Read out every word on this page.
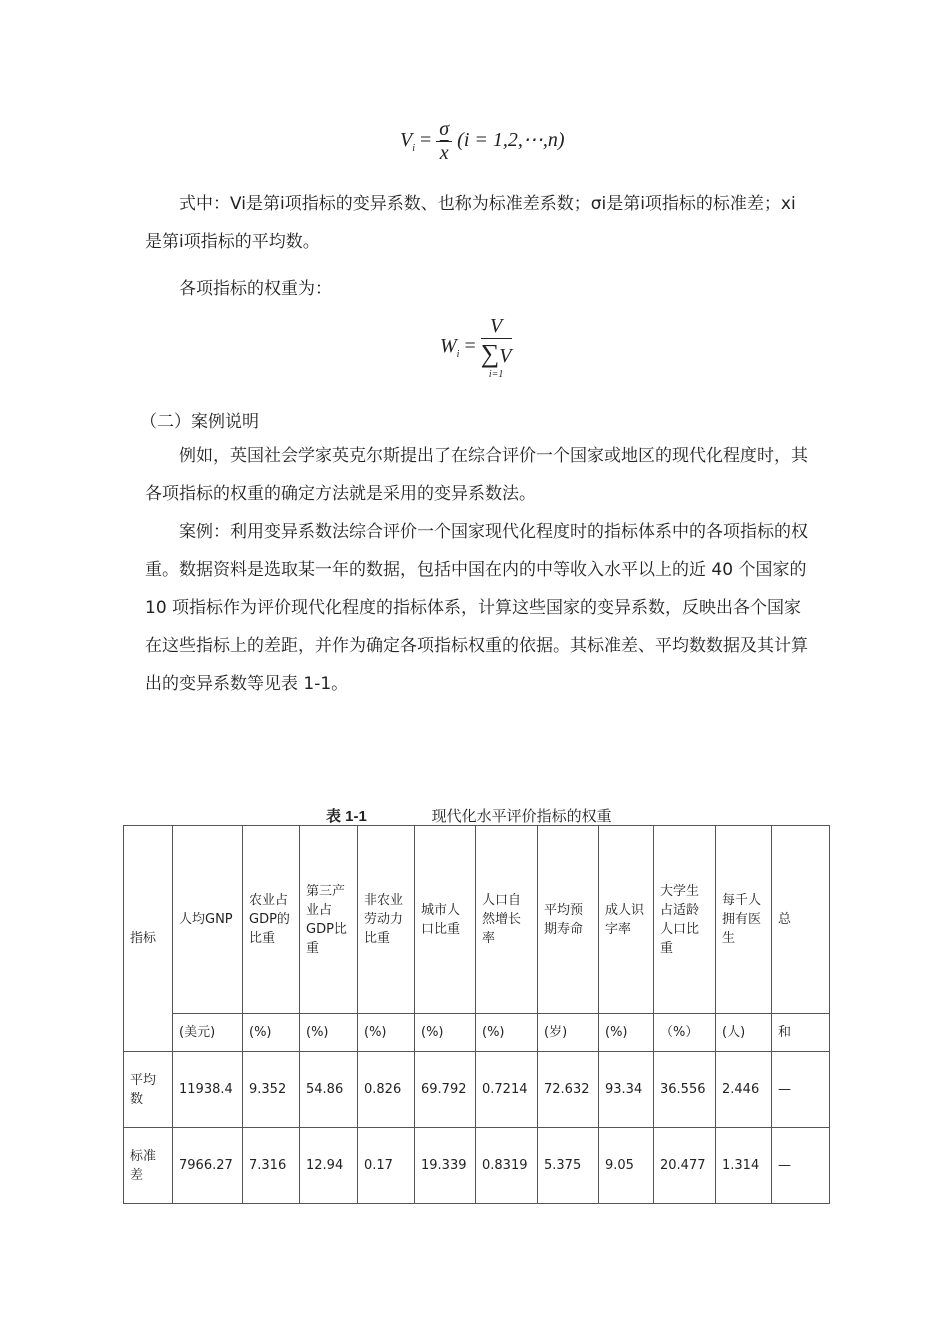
$V_i = \frac{\sigma}{x} (i$ = 1,2,⋯,n)
式中：Vi是第i项指标的变异系数、也称为标准差系数；σi是第i项指标的标准差；xi是第i项指标的平均数。
各项指标的权重为：
$W_i$ =
V
∑V
i=1
（二）案例说明
例如，英国社会学家英克尔斯提出了在综合评价一个国家或地区的现代化程度时，其各项指标的权重的确定方法就是采用的变异系数法。
案例：利用变异系数法综合评价一个国家现代化程度时的指标体系中的各项指标的权重。数据资料是选取某一年的数据，包括中国在内的中等收入水平以上的近 40 个国家的 10 项指标作为评价现代化程度的指标体系，计算这些国家的变异系数，反映出各个国家在这些指标上的差距，并作为确定各项指标权重的依据。其标准差、平均数数据及其计算出的变异系数等见表 1-1。
表 1-1	现代化水平评价指标的权重
指标	人均GNP	农业占GDP的比重	第三产业占GDP比重	非农业劳动力比重	城市人口比重	人口自然增长率	平均预期寿命	成人识字率	大学生占适龄人口比重	每千人拥有医生	总
	(美元)	(%)	(%)	(%)	(%)	(%)	(岁)	(%)	（%）	(人)	和
平均数	11938.4	9.352	54.86	0.826	69.792	0.7214	72.632	93.34	36.556	2.446	—
标准差	7966.27	7.316	12.94	0.17	19.339	0.8319	5.375	9.05	20.477	1.314	—
